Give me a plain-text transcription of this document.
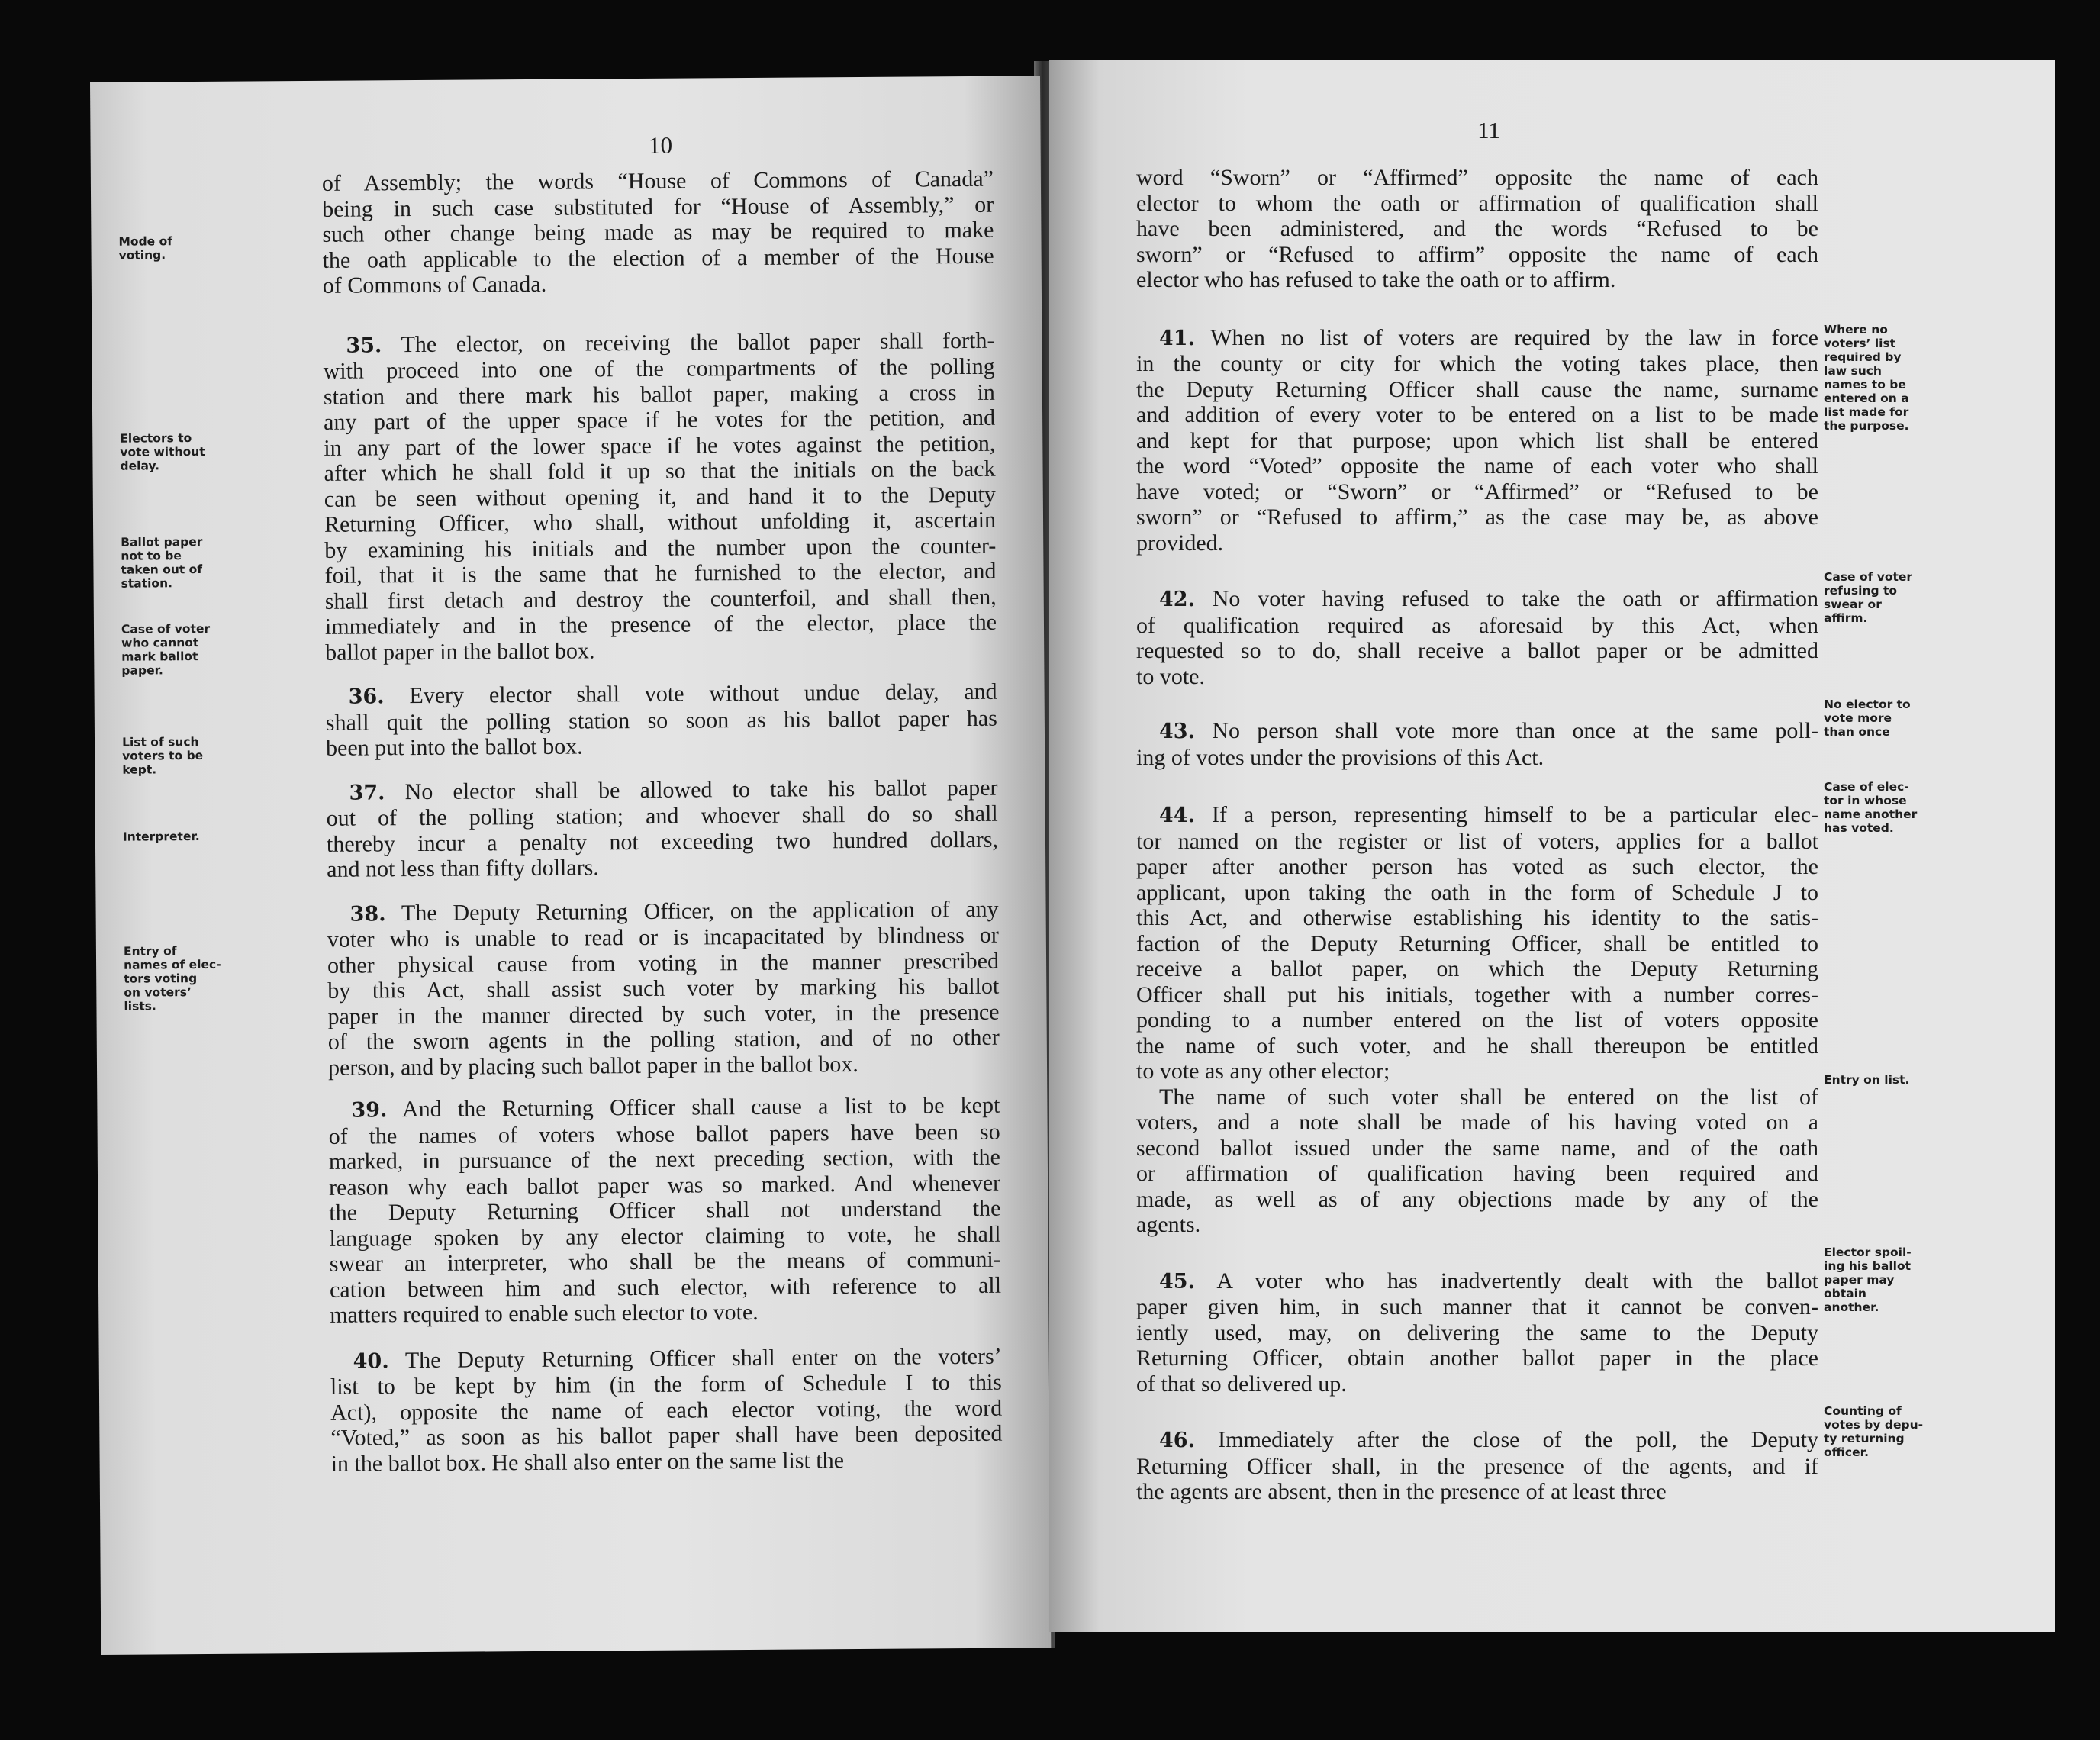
10

of Assembly; the words “House of Commons of Canada”
being in such case substituted for “House of Assembly,” or
such other change being made as may be required to make
the oath applicable to the election of a member of the House
of Commons of Canada.

35. The elector, on receiving the ballot paper shall forth-
with proceed into one of the compartments of the polling
station and there mark his ballot paper, making a cross in
any part of the upper space if he votes for the petition, and
in any part of the lower space if he votes against the petition,
after which he shall fold it up so that the initials on the back
can be seen without opening it, and hand it to the Deputy
Returning Officer, who shall, without unfolding it, ascertain
by examining his initials and the number upon the counter-
foil, that it is the same that he furnished to the elector, and
shall first detach and destroy the counterfoil, and shall then,
immediately and in the presence of the elector, place the
ballot paper in the ballot box.

36. Every elector shall vote without undue delay, and
shall quit the polling station so soon as his ballot paper has
been put into the ballot box.

37. No elector shall be allowed to take his ballot paper
out of the polling station; and whoever shall do so shall
thereby incur a penalty not exceeding two hundred dollars,
and not less than fifty dollars.

38. The Deputy Returning Officer, on the application of any
voter who is unable to read or is incapacitated by blindness or
other physical cause from voting in the manner prescribed
by this Act, shall assist such voter by marking his ballot
paper in the manner directed by such voter, in the presence
of the sworn agents in the polling station, and of no other
person, and by placing such ballot paper in the ballot box.

39. And the Returning Officer shall cause a list to be kept
of the names of voters whose ballot papers have been so
marked, in pursuance of the next preceding section, with the
reason why each ballot paper was so marked. And whenever
the Deputy Returning Officer shall not understand the
language spoken by any elector claiming to vote, he shall
swear an interpreter, who shall be the means of communi-
cation between him and such elector, with reference to all
matters required to enable such elector to vote.

40. The Deputy Returning Officer shall enter on the voters’
list to be kept by him (in the form of Schedule I to this
Act), opposite the name of each elector voting, the word
“Voted,” as soon as his ballot paper shall have been deposited
in the ballot box. He shall also enter on the same list the

Mode of
voting.
Electors to
vote without
delay.
Ballot paper
not to be
taken out of
station.
Case of voter
who cannot
mark ballot
paper.
List of such
voters to be
kept.
Interpreter.
Entry of
names of elec-
tors voting
on voters’
lists.
11

word “Sworn” or “Affirmed” opposite the name of each
elector to whom the oath or affirmation of qualification shall
have been administered, and the words “Refused to be
sworn” or “Refused to affirm” opposite the name of each
elector who has refused to take the oath or to affirm.

41. When no list of voters are required by the law in force
in the county or city for which the voting takes place, then
the Deputy Returning Officer shall cause the name, surname
and addition of every voter to be entered on a list to be made
and kept for that purpose; upon which list shall be entered
the word “Voted” opposite the name of each voter who shall
have voted; or “Sworn” or “Affirmed” or “Refused to be
sworn” or “Refused to affirm,” as the case may be, as above
provided.

42. No voter having refused to take the oath or affirmation
of qualification required as aforesaid by this Act, when
requested so to do, shall receive a ballot paper or be admitted
to vote.

43. No person shall vote more than once at the same poll-
ing of votes under the provisions of this Act.

44. If a person, representing himself to be a particular elec-
tor named on the register or list of voters, applies for a ballot
paper after another person has voted as such elector, the
applicant, upon taking the oath in the form of Schedule J to
this Act, and otherwise establishing his identity to the satis-
faction of the Deputy Returning Officer, shall be entitled to
receive a ballot paper, on which the Deputy Returning
Officer shall put his initials, together with a number corres-
ponding to a number entered on the list of voters opposite
the name of such voter, and he shall thereupon be entitled
to vote as any other elector;

The name of such voter shall be entered on the list of
voters, and a note shall be made of his having voted on a
second ballot issued under the same name, and of the oath
or affirmation of qualification having been required and
made, as well as of any objections made by any of the
agents.

45. A voter who has inadvertently dealt with the ballot
paper given him, in such manner that it cannot be conven-
iently used, may, on delivering the same to the Deputy
Returning Officer, obtain another ballot paper in the place
of that so delivered up.

46. Immediately after the close of the poll, the Deputy
Returning Officer shall, in the presence of the agents, and if
the agents are absent, then in the presence of at least three

Where no
voters’ list
required by
law such
names to be
entered on a
list made for
the purpose.
Case of voter
refusing to
swear or
affirm.
No elector to
vote more
than once
Case of elec-
tor in whose
name another
has voted.
Entry on list.
Elector spoil-
ing his ballot
paper may
obtain
another.
Counting of
votes by depu-
ty returning
officer.
